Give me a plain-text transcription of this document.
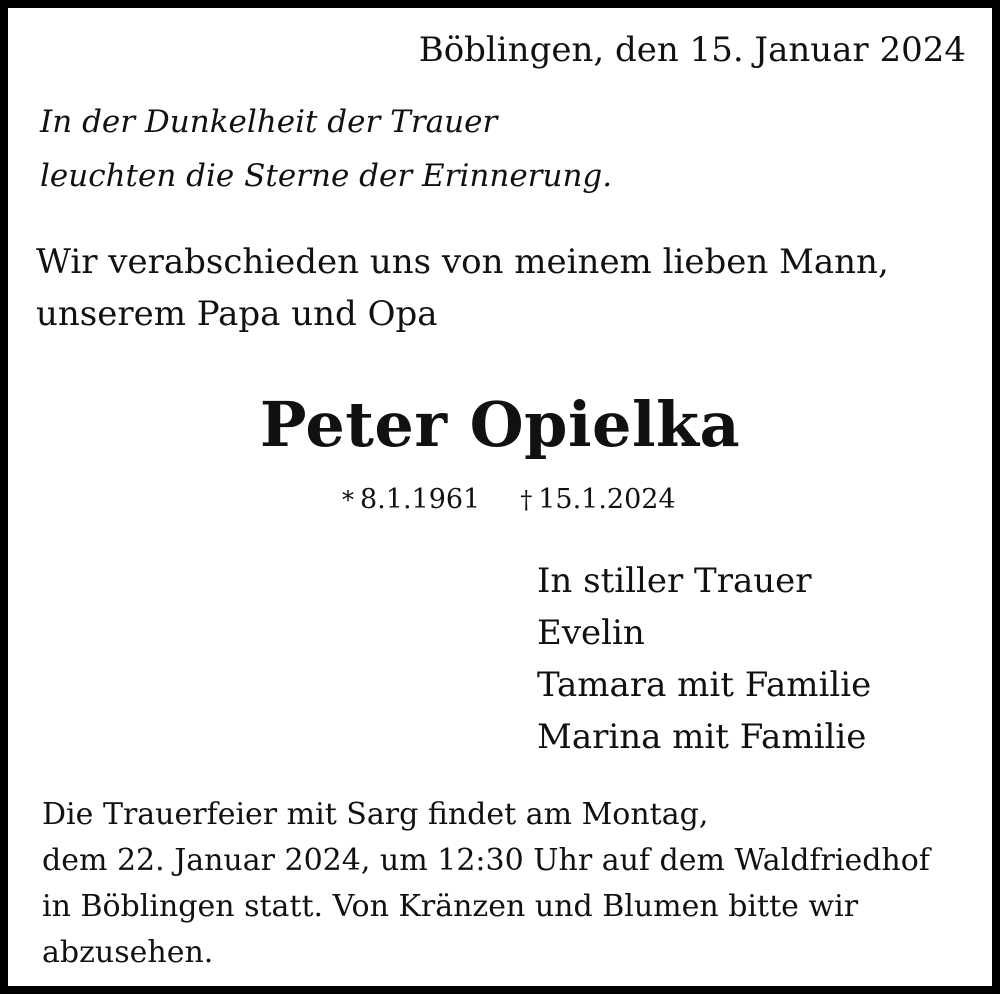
Böblingen, den 15. Januar 2024

In der Dunkelheit der Trauer

leuchten die Sterne der Erinnerung.

Wir verabschieden uns von meinem lieben Mann,

unserem Papa und Opa

Peter Opielka

* 8.1.1961 † 15.1.2024

In stiller Trauer

Evelin

Tamara mit Familie

Marina mit Familie

Die Trauerfeier mit Sarg findet am Montag,

dem 22. Januar 2024, um 12:30 Uhr auf dem Waldfriedhof

in Böblingen statt. Von Kränzen und Blumen bitte wir

abzusehen.
